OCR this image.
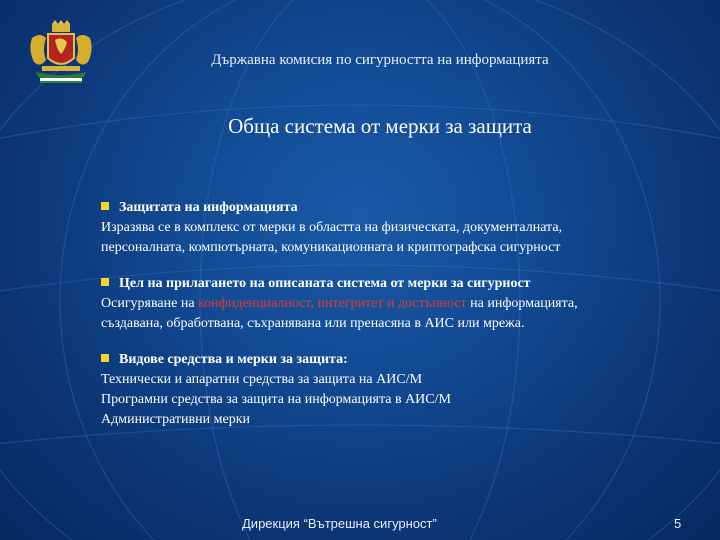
Държавна комисия по сигурността на информацията
Обща система от мерки за защита
Защитата на информацията
Изразява се в комплекс от мерки в областта на физическата, документалната,
персоналната, компютърната, комуникационната и криптографска сигурност
Цел на прилагането на описаната система от мерки за сигурност
Осигуряване на конфиденциалност, интегритет и достъпност на информацията,
създавана, обработвана, съхранявана или пренасяна в АИС или мрежа.
Видове средства и мерки за защита:
Технически и апаратни средства за защита на АИС/М
Програмни средства за защита на информацията в АИС/М
Административни мерки
Дирекция “Вътрешна сигурност”	5
